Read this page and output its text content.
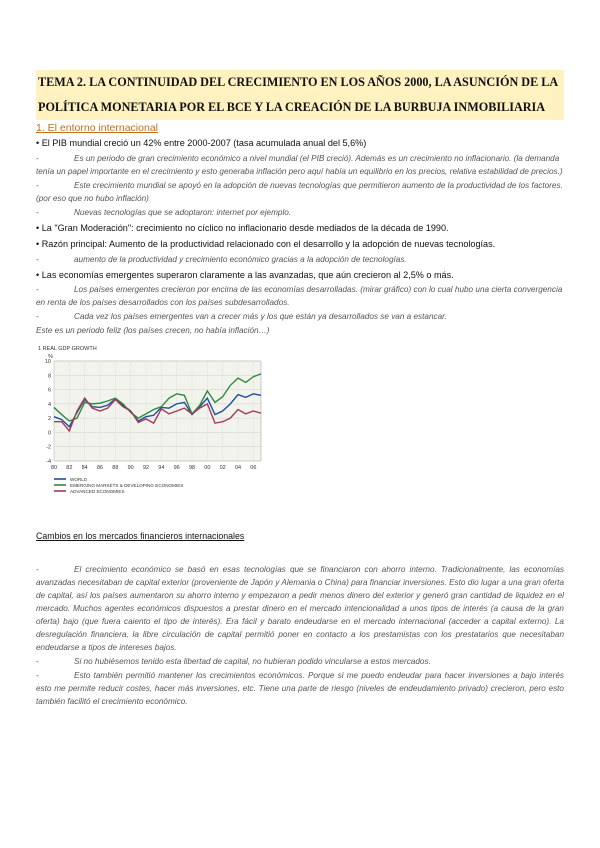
TEMA 2. LA CONTINUIDAD DEL CRECIMIENTO EN LOS AÑOS 2000, LA ASUNCIÓN DE LA
POLÍTICA MONETARIA POR EL BCE Y LA CREACIÓN DE LA BURBUJA INMOBILIARIA
1. El entorno internacional
• El PIB mundial creció un 42% entre 2000-2007 (tasa acumulada anual del 5,6%)
-	Es un periodo de gran crecimiento económico a nivel mundial (el PIB creció). Además es un crecimiento no inflacionario. (la demanda tenía un papel importante en el crecimiento y esto generaba inflación pero aquí había un equilibrio en los precios, relativa estabilidad de precios.)
-	Este crecimiento mundial se apoyó en la adopción de nuevas tecnologías que permitieron aumento de la productividad de los factores. (por eso que no hubo inflación)
-	Nuevas tecnologías que se adoptaron: internet por ejemplo.
• La "Gran Moderación": crecimiento no cíclico no inflacionario desde mediados de la década de 1990.
• Razón principal: Aumento de la productividad relacionado con el desarrollo y la adopción de nuevas tecnologías.
-	aumento de la productividad y crecimiento económico gracias a la adopción de tecnologías.
• Las economías emergentes superaron claramente a las avanzadas, que aún crecieron al 2,5% o más.
-	Los países emergentes crecieron por encima de las economías desarrolladas. (mirar gráfico) con lo cual hubo una cierta convergencia en renta de los países desarrollados con los países subdesarrollados.
-	Cada vez los países emergentes van a crecer más y los que están ya desarrollados se van a estancar.
Este es un periodo feliz (los países crecen, no había inflación…)
1 REAL GDP GROWTH
%
10
8
6
4
2
0
-2
-4
80 82 84 86 88 90 92 94 96 98 00 02 04 06
WORLD
EMERGING MARKETS & DEVELOPING ECONOMIES
ADVANCED ECONOMIES
Cambios en los mercados financieros internacionales
-	El crecimiento económico se basó en esas tecnologías que se financiaron con ahorro interno. Tradicionalmente, las economías avanzadas necesitaban de capital exterior (proveniente de Japón y Alemania o China) para financiar inversiones. Esto dio lugar a una gran oferta de capital, así los países aumentaron su ahorro interno y empezaron a pedir menos dinero del exterior y generó gran cantidad de liquidez en el mercado. Muchos agentes económicos dispuestos a prestar dinero en el mercado intencionalidad a unos tipos de interés (a causa de la gran oferta) bajo (que fuera caiento el tipo de interés). Era fácil y barato endeudarse en el mercado internacional (acceder a capital externo). La desregulación financiera, la libre circulación de capital permitió poner en contacto a los prestamistas con los prestatarios que necesitaban endeudarse a tipos de intereses bajos.
-	Si no hubiésemos tenido esta libertad de capital, no hubieran podido vincularse a estos mercados.
-	Esto también permitió mantener los crecimientos económicos. Porque si me puedo endeudar para hacer inversiones a bajo interés esto me permite reducir costes, hacer más inversiones, etc. Tiene una parte de riesgo (niveles de endeudamiento privado) crecieron, pero esto también facilitó el crecimiento económico.
